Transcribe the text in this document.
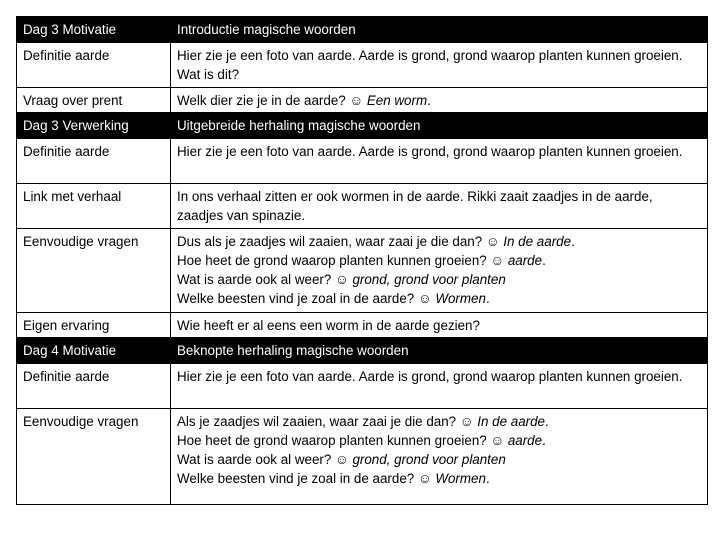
Dag 3 Motivatie	Introductie magische woorden
Definitie aarde	Hier zie je een foto van aarde. Aarde is grond, grond waarop planten kunnen groeien. Wat is dit?
Vraag over prent	Welk dier zie je in de aarde? ☺ Een worm.

Dag 3 Verwerking	Uitgebreide herhaling magische woorden
Definitie aarde	Hier zie je een foto van aarde. Aarde is grond, grond waarop planten kunnen groeien.
Link met verhaal	In ons verhaal zitten er ook wormen in de aarde. Rikki zaait zaadjes in de aarde, zaadjes van spinazie.
Eenvoudige vragen	Dus als je zaadjes wil zaaien, waar zaai je die dan? ☺ In de aarde.
Hoe heet de grond waarop planten kunnen groeien? ☺ aarde.
Wat is aarde ook al weer? ☺ grond, grond voor planten
Welke beesten vind je zoal in de aarde? ☺ Wormen.

Eigen ervaring	Wie heeft er al eens een worm in de aarde gezien?
Dag 4 Motivatie	Beknopte herhaling magische woorden
Definitie aarde	Hier zie je een foto van aarde. Aarde is grond, grond waarop planten kunnen groeien.
Eenvoudige vragen	Als je zaadjes wil zaaien, waar zaai je die dan? ☺ In de aarde.
Hoe heet de grond waarop planten kunnen groeien? ☺ aarde.
Wat is aarde ook al weer? ☺ grond, grond voor planten
Welke beesten vind je zoal in de aarde? ☺ Wormen.
